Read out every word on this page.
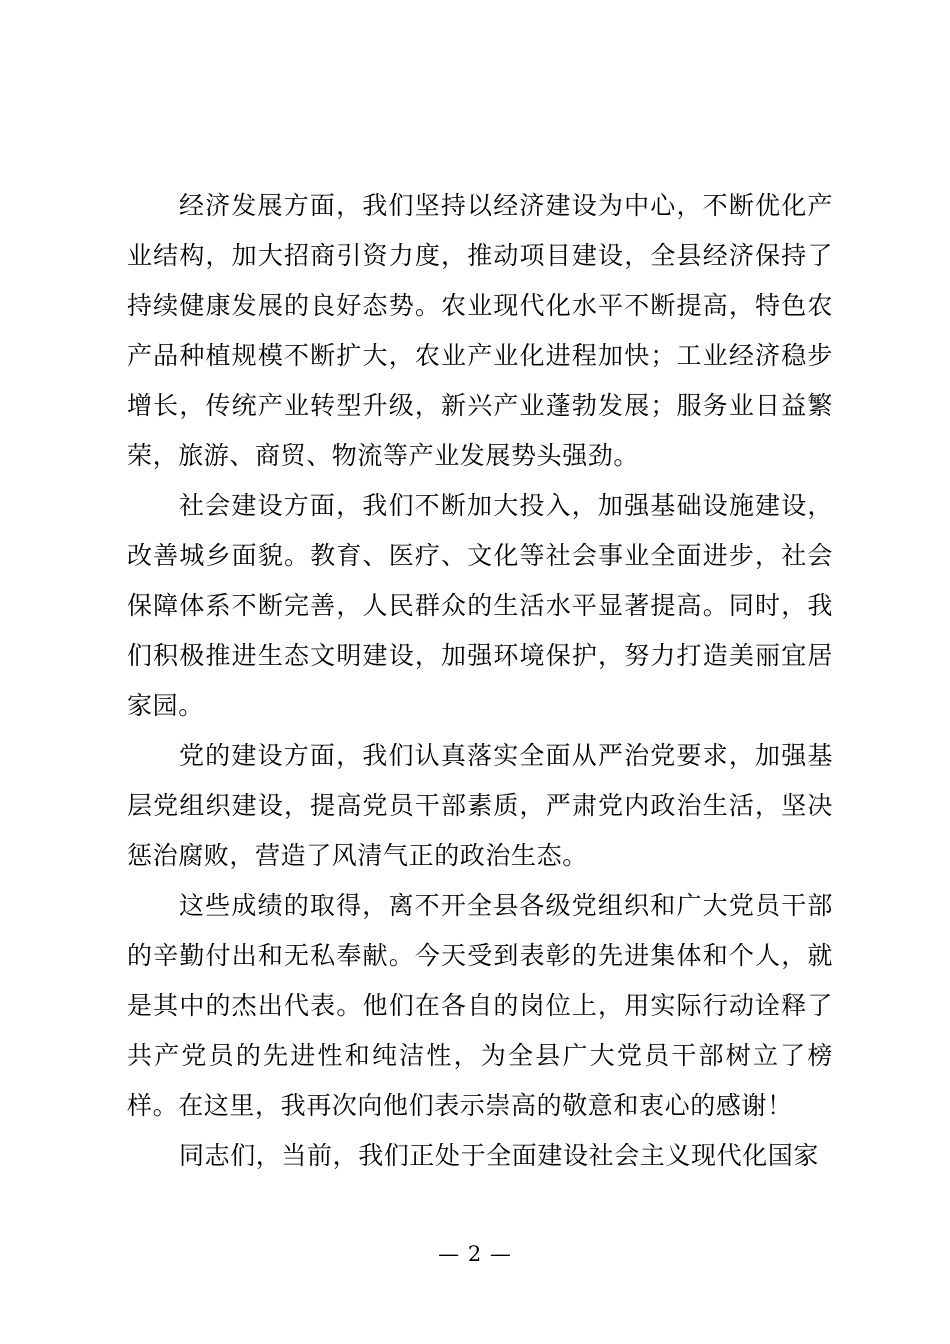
经济发展方面，我们坚持以经济建设为中心，不断优化产业结构，加大招商引资力度，推动项目建设，全县经济保持了持续健康发展的良好态势。农业现代化水平不断提高，特色农产品种植规模不断扩大，农业产业化进程加快；工业经济稳步增长，传统产业转型升级，新兴产业蓬勃发展；服务业日益繁荣，旅游、商贸、物流等产业发展势头强劲。

社会建设方面，我们不断加大投入，加强基础设施建设，改善城乡面貌。教育、医疗、文化等社会事业全面进步，社会保障体系不断完善，人民群众的生活水平显著提高。同时，我们积极推进生态文明建设，加强环境保护，努力打造美丽宜居家园。

党的建设方面，我们认真落实全面从严治党要求，加强基层党组织建设，提高党员干部素质，严肃党内政治生活，坚决惩治腐败，营造了风清气正的政治生态。

这些成绩的取得，离不开全县各级党组织和广大党员干部的辛勤付出和无私奉献。今天受到表彰的先进集体和个人，就是其中的杰出代表。他们在各自的岗位上，用实际行动诠释了共产党员的先进性和纯洁性，为全县广大党员干部树立了榜样。在这里，我再次向他们表示崇高的敬意和衷心的感谢！

同志们，当前，我们正处于全面建设社会主义现代化国家

— 2 —
